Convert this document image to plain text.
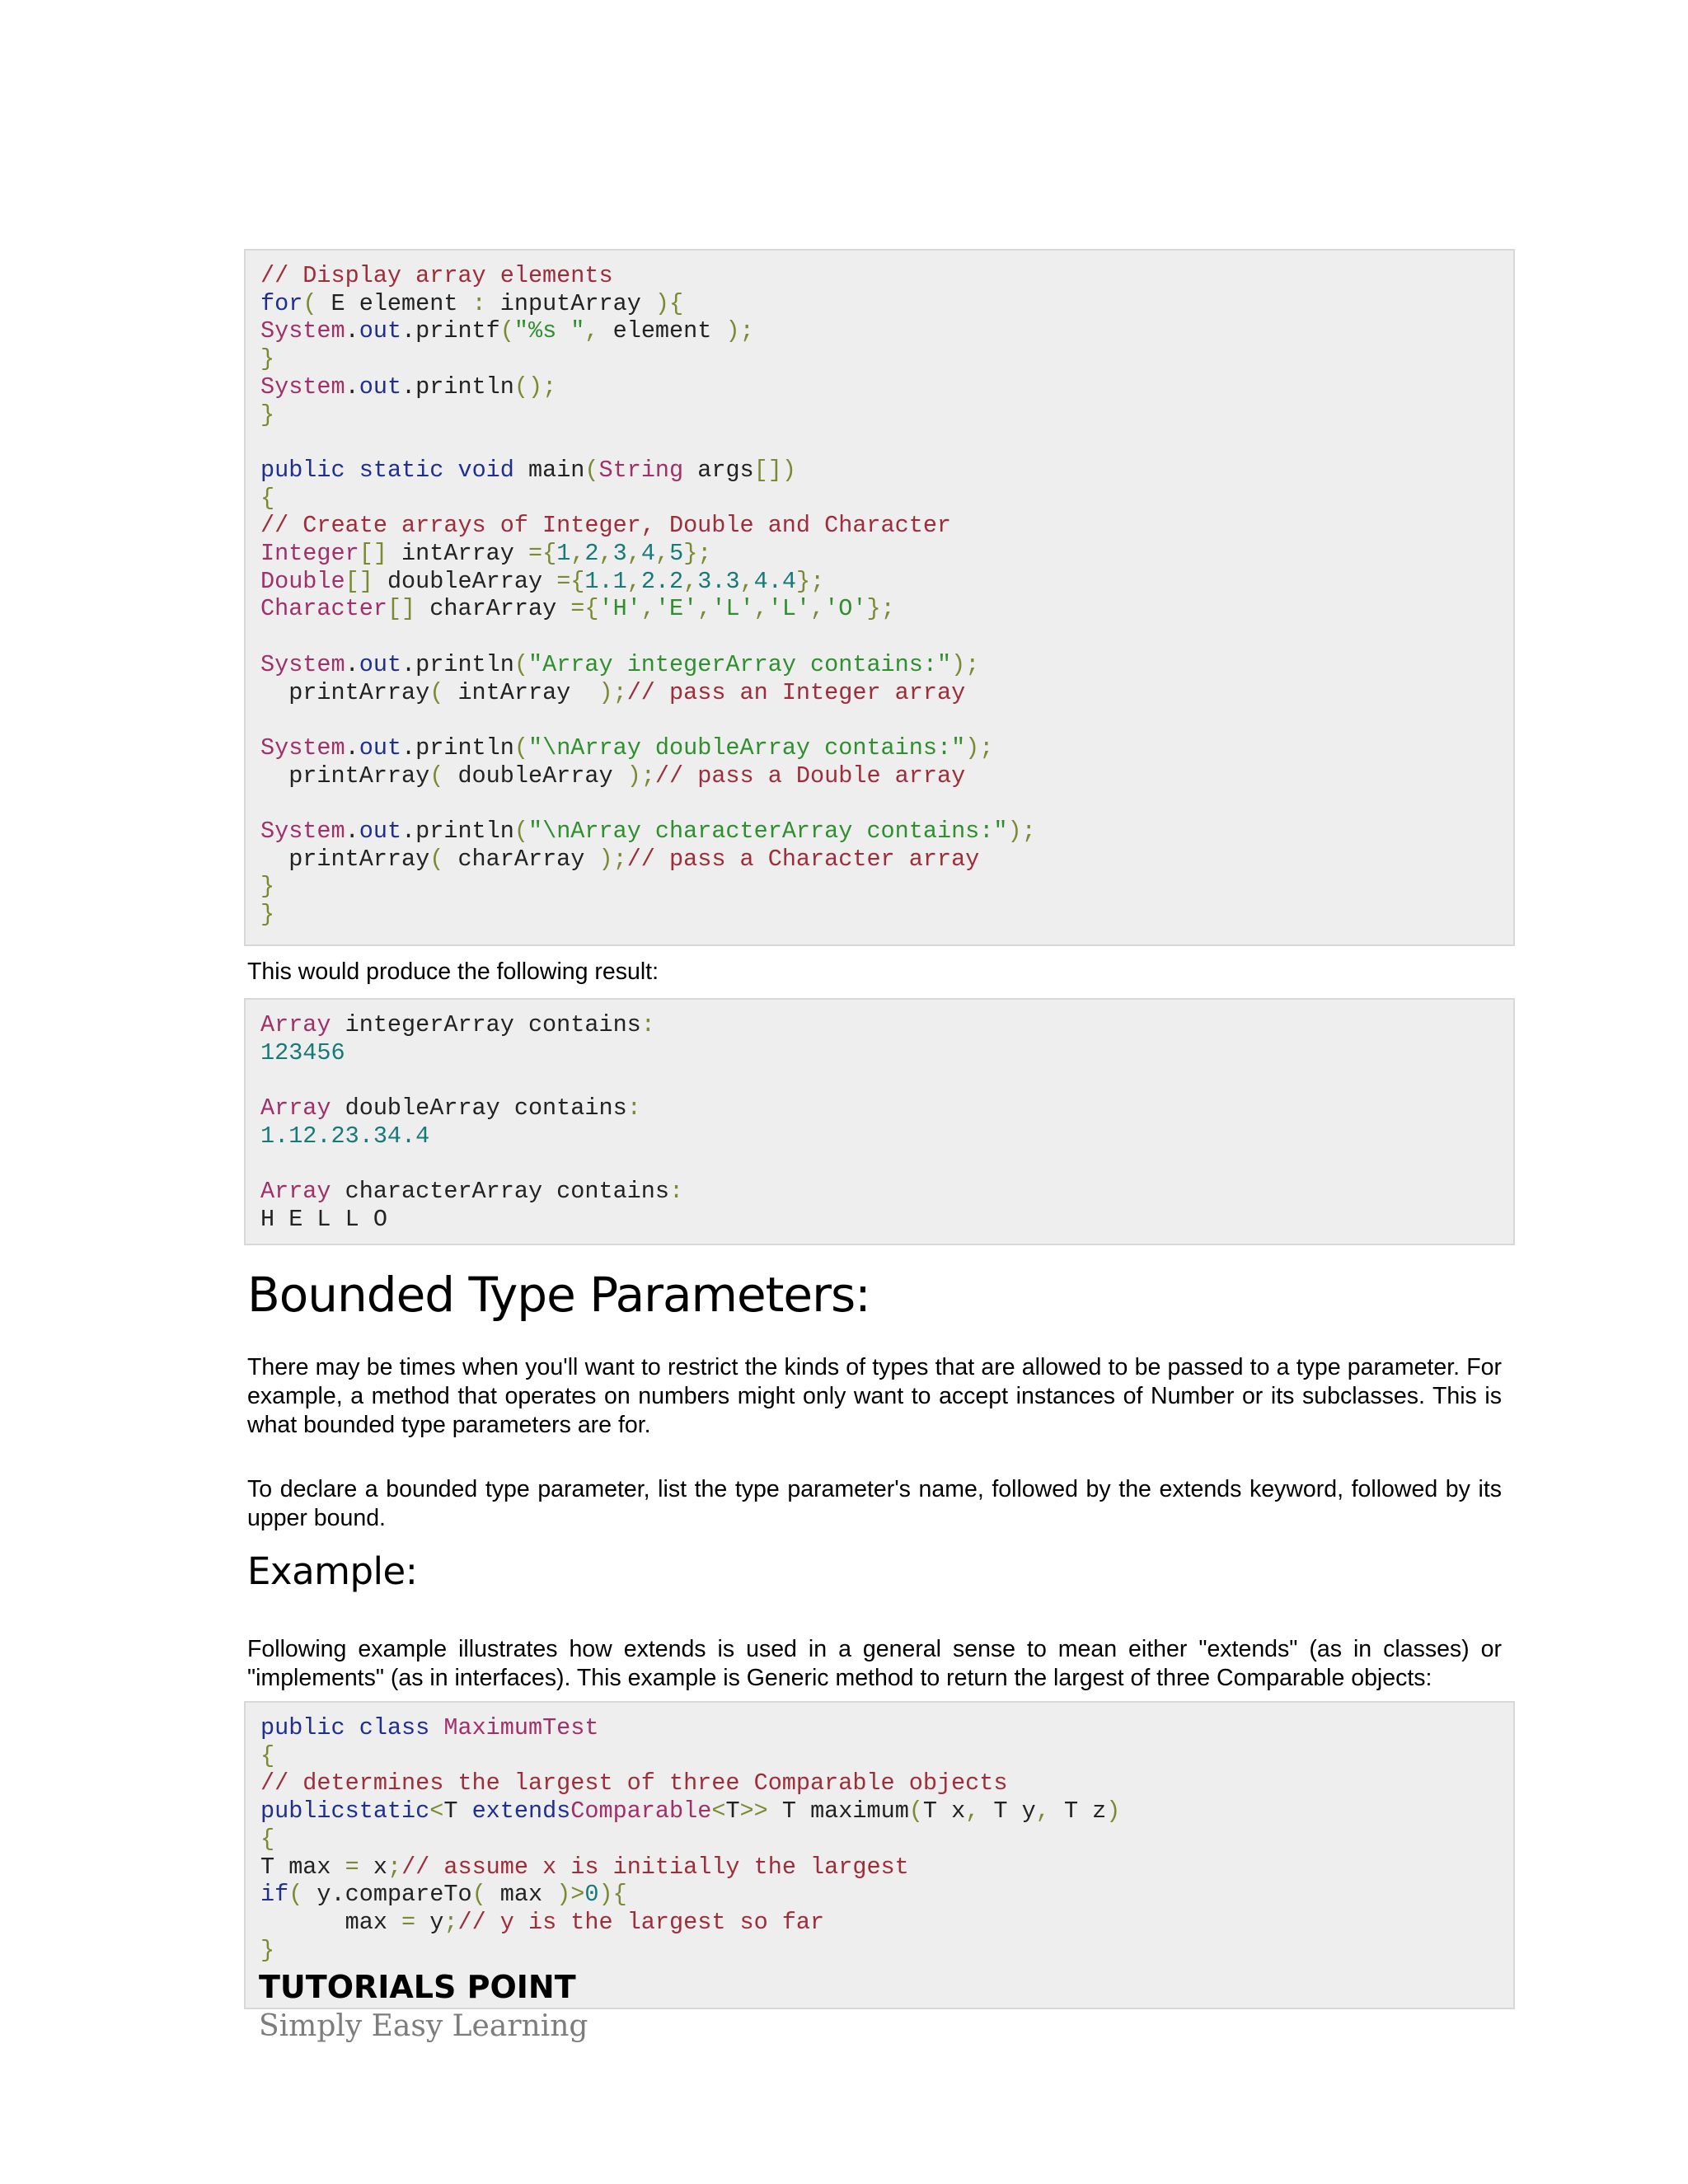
// Display array elements
for( E element : inputArray ){
System.out.printf("%s ", element );
}
System.out.println();
}
public static void main(String args[])
{
// Create arrays of Integer, Double and Character
Integer[] intArray ={1,2,3,4,5};
Double[] doubleArray ={1.1,2.2,3.3,4.4};
Character[] charArray ={'H','E','L','L','O'};
System.out.println("Array integerArray contains:");
printArray( intArray  );// pass an Integer array
System.out.println("\nArray doubleArray contains:");
printArray( doubleArray );// pass a Double array
System.out.println("\nArray characterArray contains:");
printArray( charArray );// pass a Character array
}
}

This would produce the following result:

Array integerArray contains:
123456
Array doubleArray contains:
1.12.23.34.4
Array characterArray contains:
H E L L O
Bounded Type Parameters:

There may be times when you'll want to restrict the kinds of types that are allowed to be passed to a type parameter. For example, a method that operates on numbers might only want to accept instances of Number or its subclasses. This is what bounded type parameters are for.

To declare a bounded type parameter, list the type parameter's name, followed by the extends keyword, followed by its upper bound.

Example:

Following example illustrates how extends is used in a general sense to mean either "extends" (as in classes) or "implements" (as in interfaces). This example is Generic method to return the largest of three Comparable objects:

public class MaximumTest
{
// determines the largest of three Comparable objects
publicstatic<T extendsComparable<T>> T maximum(T x, T y, T z)
{
T max = x;// assume x is initially the largest
if( y.compareTo( max )>0){
max = y;// y is the largest so far
}
TUTORIALS POINT
Simply Easy Learning
